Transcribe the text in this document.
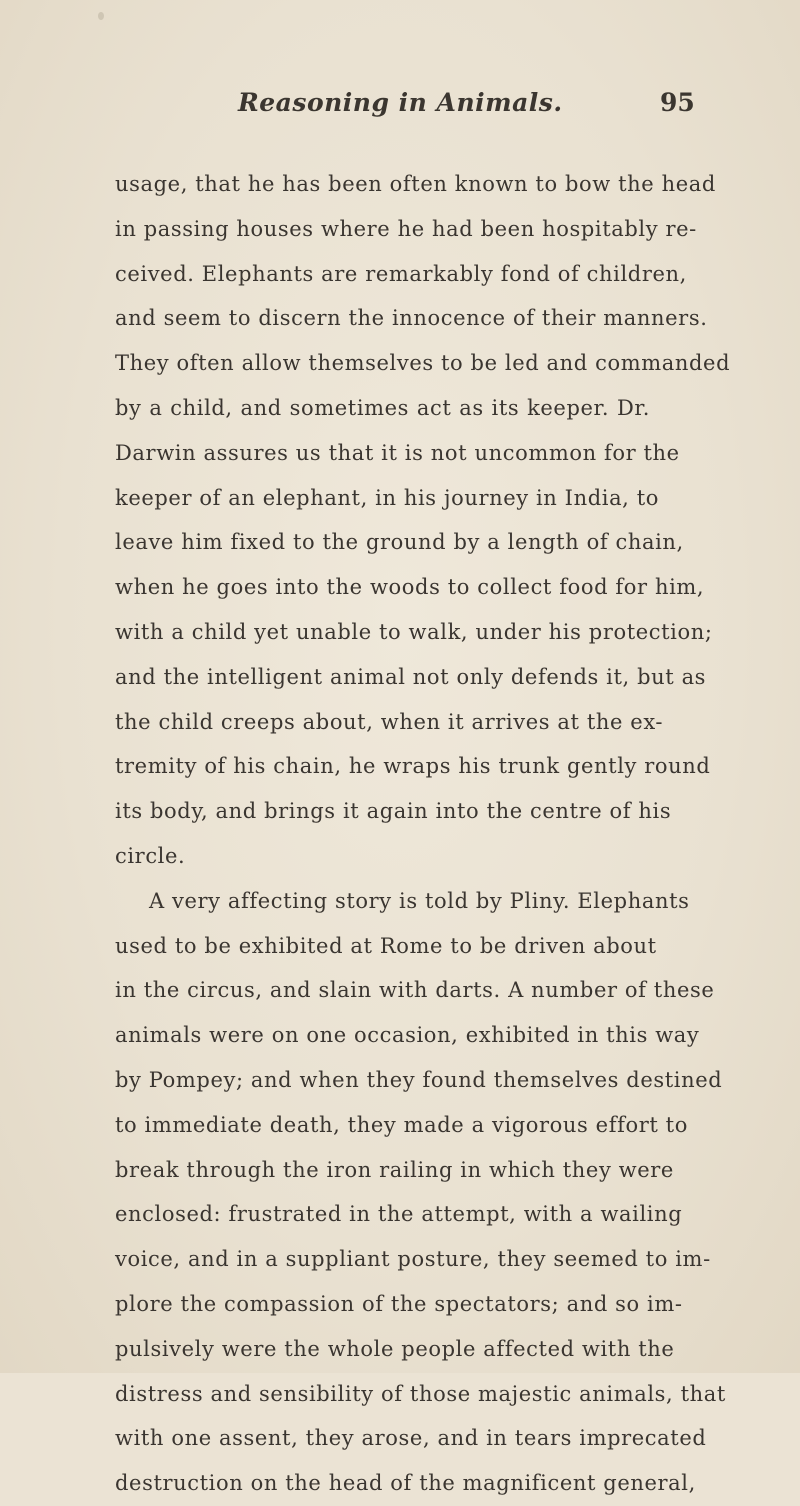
Reasoning in Animals.	95
usage, that he has been often known to bow the head
in passing houses where he had been hospitably re-
ceived. Elephants are remarkably fond of children,
and seem to discern the innocence of their manners.
They often allow themselves to be led and commanded
by a child, and sometimes act as its keeper. Dr.
Darwin assures us that it is not uncommon for the
keeper of an elephant, in his journey in India, to
leave him fixed to the ground by a length of chain,
when he goes into the woods to collect food for him,
with a child yet unable to walk, under his protection;
and the intelligent animal not only defends it, but as
the child creeps about, when it arrives at the ex-
tremity of his chain, he wraps his trunk gently round
its body, and brings it again into the centre of his
circle.
A very affecting story is told by Pliny. Elephants
used to be exhibited at Rome to be driven about
in the circus, and slain with darts. A number of these
animals were on one occasion, exhibited in this way
by Pompey; and when they found themselves destined
to immediate death, they made a vigorous effort to
break through the iron railing in which they were
enclosed: frustrated in the attempt, with a wailing
voice, and in a suppliant posture, they seemed to im-
plore the compassion of the spectators; and so im-
pulsively were the whole people affected with the
distress and sensibility of those majestic animals, that
with one assent, they arose, and in tears imprecated
destruction on the head of the magnificent general,
